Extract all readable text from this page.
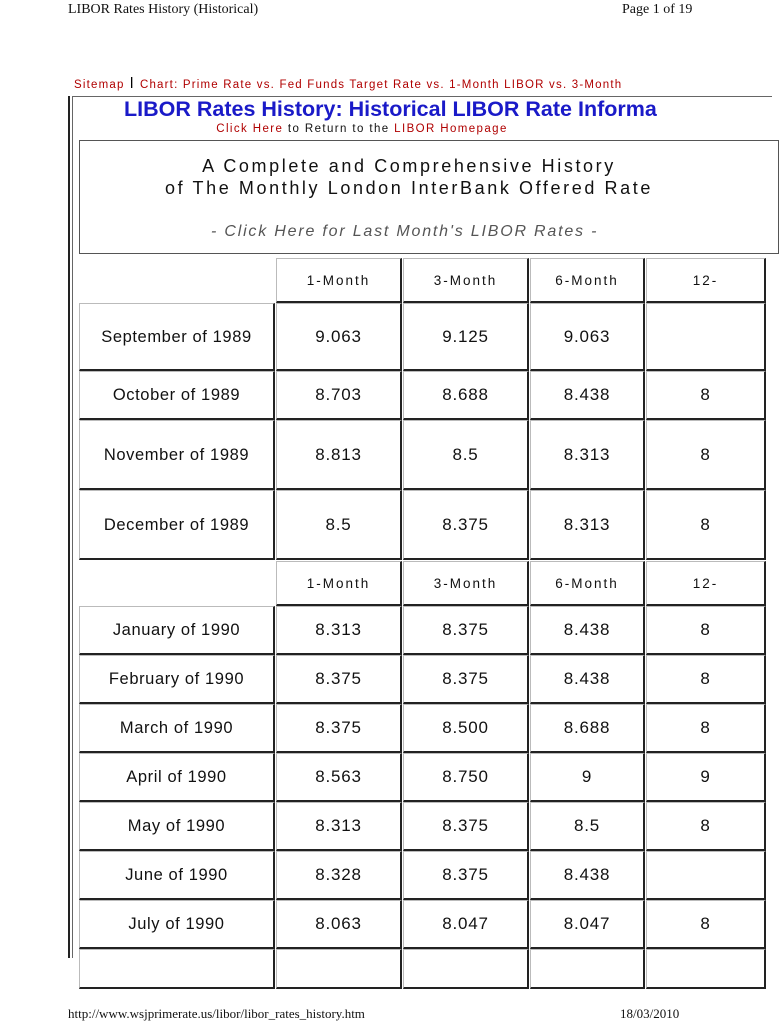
LIBOR Rates History (Historical)	Page 1 of 19
Sitemap l Chart: Prime Rate vs. Fed Funds Target Rate vs. 1-Month LIBOR vs. 3-Month
LIBOR Rates History: Historical LIBOR Rate Informa
Click Here to Return to the LIBOR Homepage
A Complete and Comprehensive History
of The Monthly London InterBank Offered Rate
- Click Here for Last Month's LIBOR Rates -
1-Month	3-Month	6-Month	12-
September of 1989	9.063	9.125	9.063
October of 1989	8.703	8.688	8.438	8
November of 1989	8.813	8.5	8.313	8
December of 1989	8.5	8.375	8.313	8
1-Month	3-Month	6-Month	12-
January of 1990	8.313	8.375	8.438	8
February of 1990	8.375	8.375	8.438	8
March of 1990	8.375	8.500	8.688	8
April of 1990	8.563	8.750	9	9
May of 1990	8.313	8.375	8.5	8
June of 1990	8.328	8.375	8.438
July of 1990	8.063	8.047	8.047	8
http://www.wsjprimerate.us/libor/libor_rates_history.htm	18/03/2010
